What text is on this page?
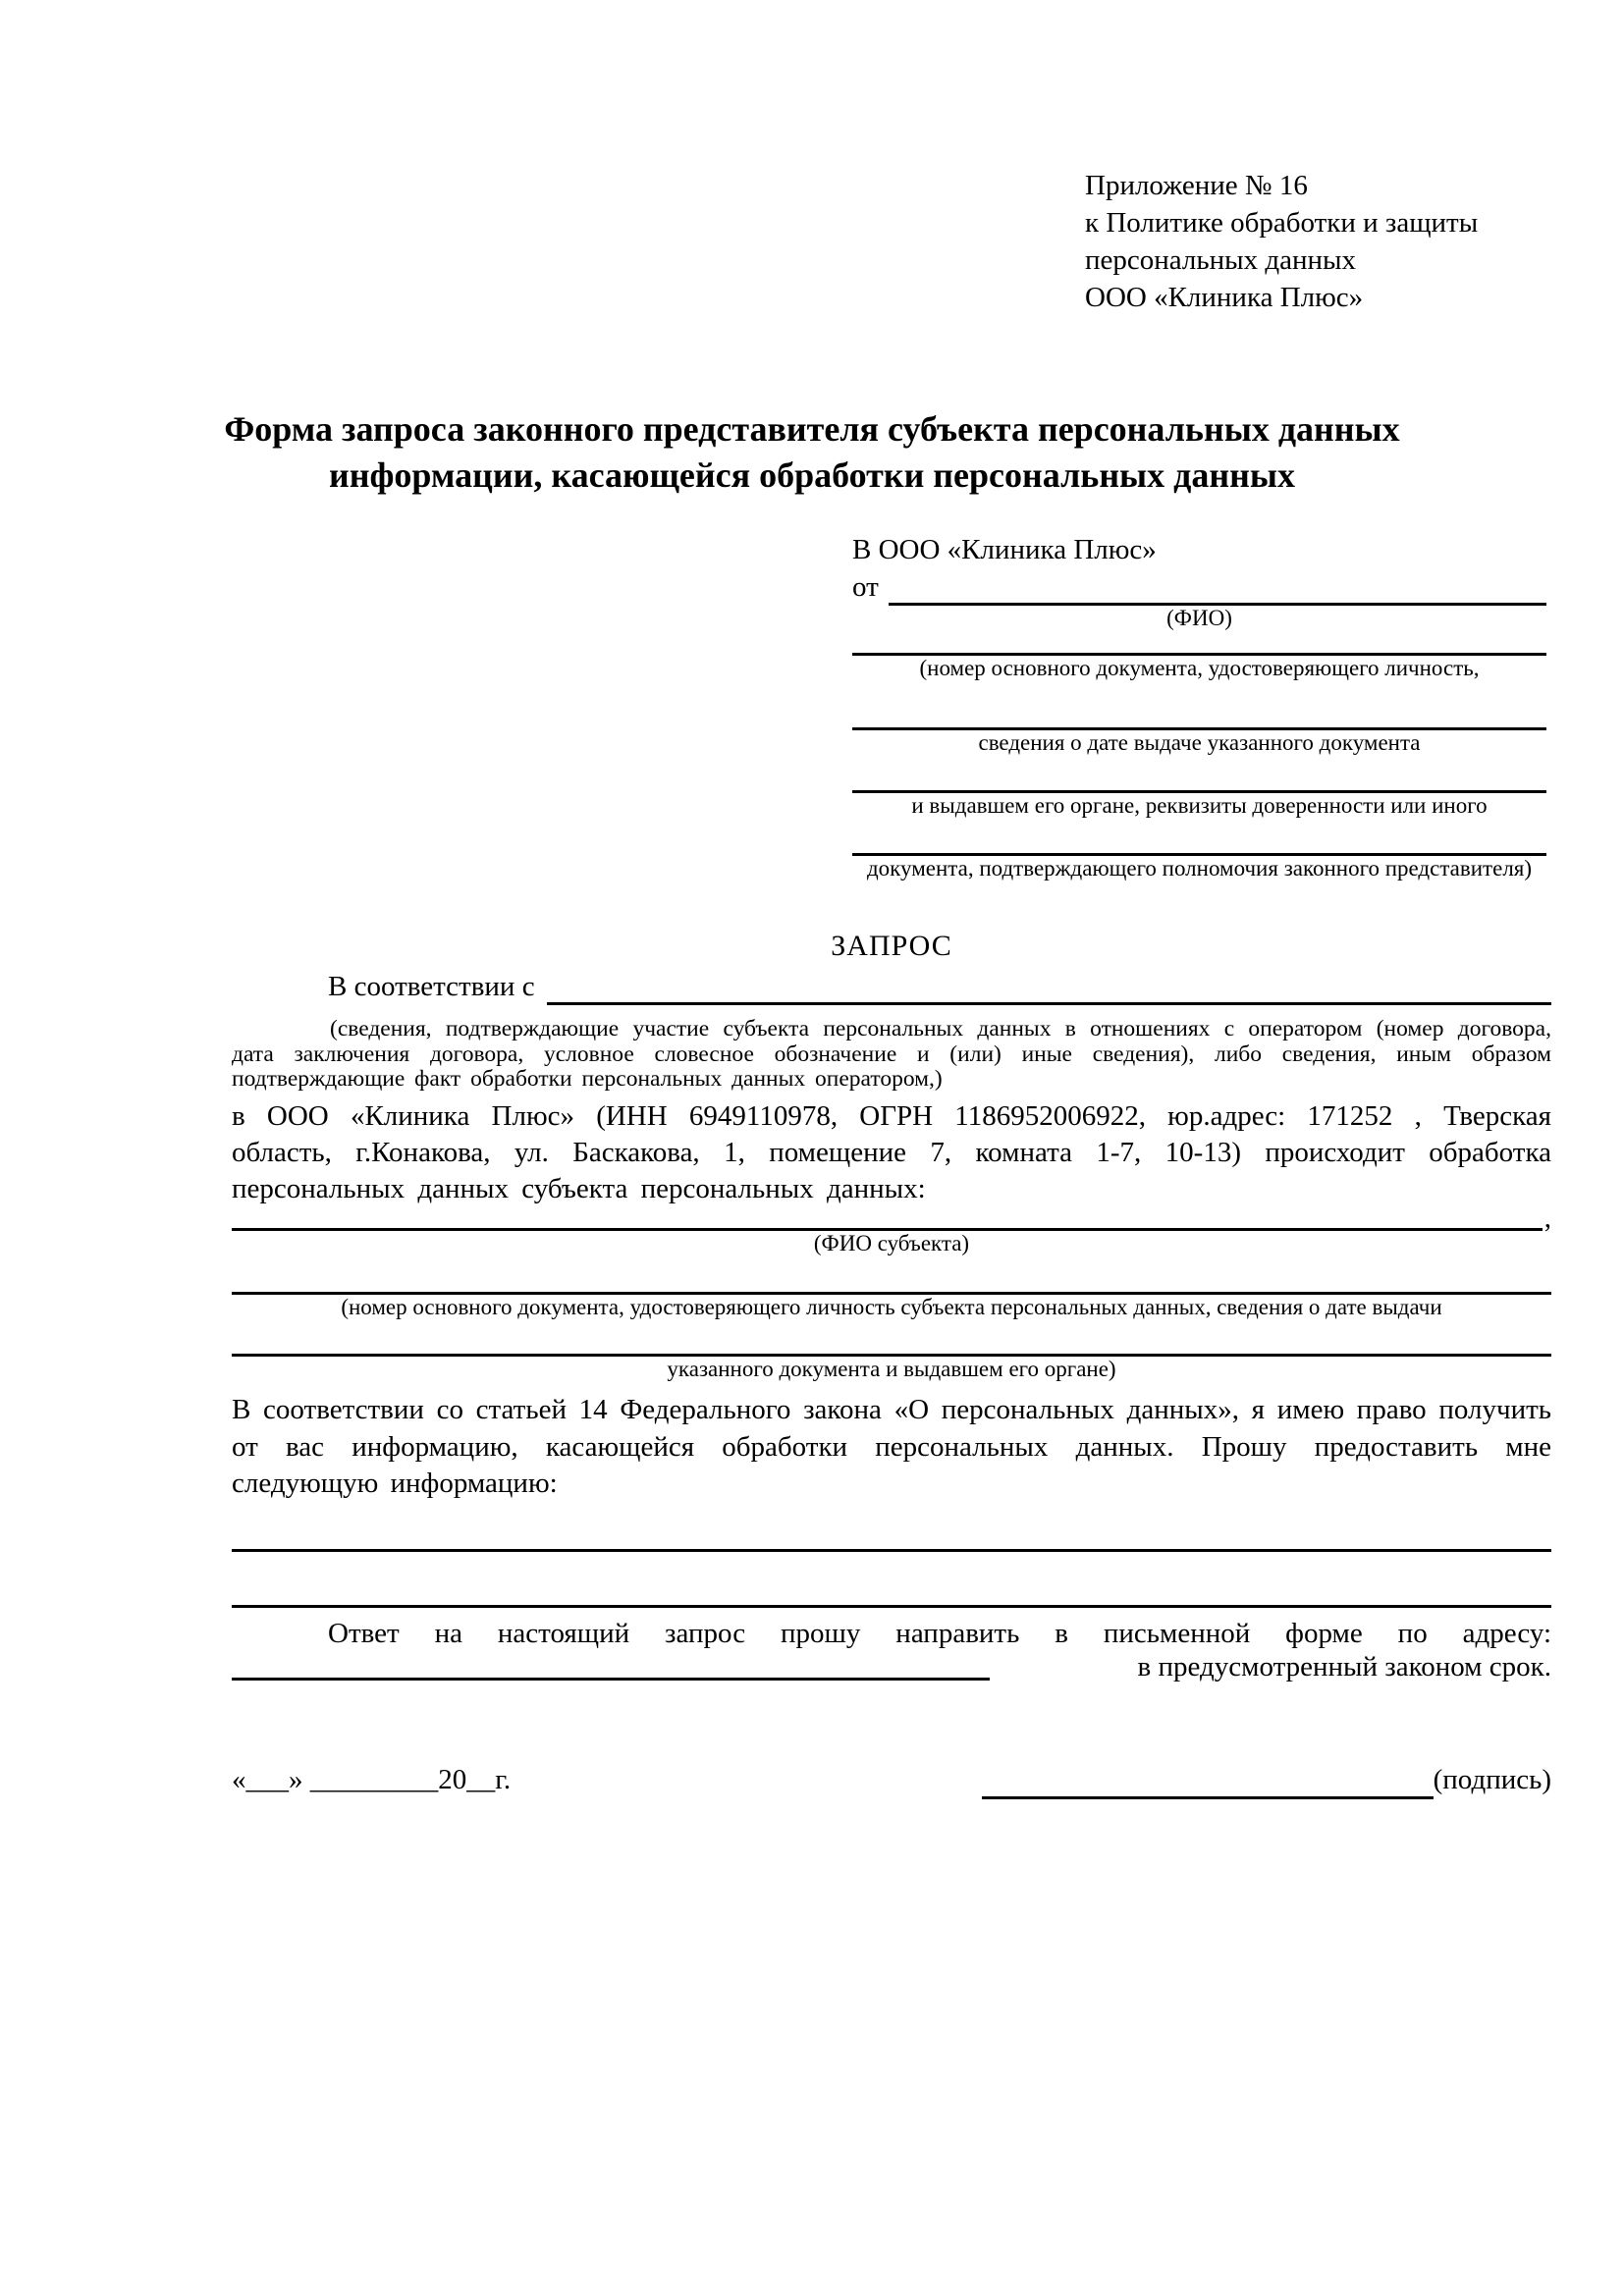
Приложение № 16
к Политике обработки и защиты
персональных данных
ООО «Клиника Плюс»
Форма запроса законного представителя субъекта персональных данных
информации, касающейся обработки персональных данных
В ООО «Клиника Плюс»
от
(ФИО)
(номер основного документа, удостоверяющего личность,
сведения о дате выдаче указанного документа
и выдавшем его органе, реквизиты доверенности или иного
документа, подтверждающего полномочия законного представителя)
ЗАПРОС
В соответствии с
(сведения, подтверждающие участие субъекта персональных данных в отношениях с оператором (номер договора, дата заключения договора, условное словесное обозначение и (или) иные сведения), либо сведения, иным образом подтверждающие факт обработки персональных данных оператором,)
в ООО «Клиника Плюс» (ИНН 6949110978, ОГРН 1186952006922, юр.адрес: 171252 , Тверская область, г.Конакова, ул. Баскакова, 1, помещение 7, комната 1-7, 10-13) происходит обработка персональных данных субъекта персональных данных:
,
(ФИО субъекта)
(номер основного документа, удостоверяющего личность субъекта персональных данных, сведения о дате выдачи
указанного документа и выдавшем его органе)
В соответствии со статьей 14 Федерального закона «О персональных данных», я имею право получить от вас информацию, касающейся обработки персональных данных. Прошу предоставить мне следующую информацию:
Ответ на настоящий запрос прошу направить в письменной форме по адресу:
в предусмотренный законом срок.
«___» _________20__г.	(подпись)
